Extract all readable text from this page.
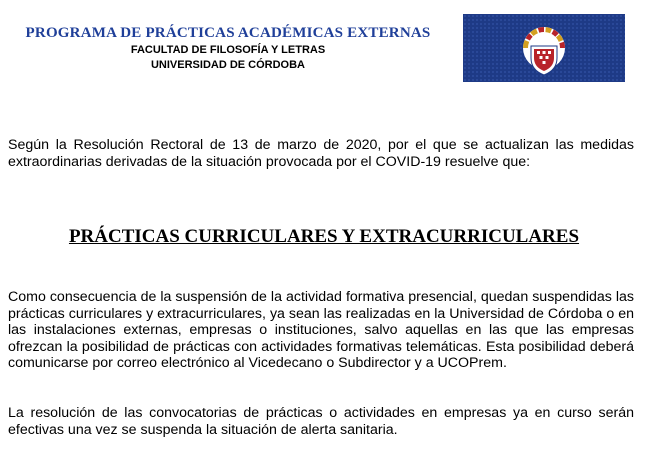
PROGRAMA DE PRÁCTICAS ACADÉMICAS EXTERNAS
FACULTAD DE FILOSOFÍA Y LETRAS
UNIVERSIDAD DE CÓRDOBA

Según la Resolución Rectoral de 13 de marzo de 2020, por el que se actualizan las medidas extraordinarias derivadas de la situación provocada por el COVID-19 resuelve que:

PRÁCTICAS CURRICULARES Y EXTRACURRICULARES

Como consecuencia de la suspensión de la actividad formativa presencial, quedan suspendidas las prácticas curriculares y extracurriculares, ya sean las realizadas en la Universidad de Córdoba o en las instalaciones externas, empresas o instituciones, salvo aquellas en las que las empresas ofrezcan la posibilidad de prácticas con actividades formativas telemáticas. Esta posibilidad deberá comunicarse por correo electrónico al Vicedecano o Subdirector y a UCOPrem.

La resolución de las convocatorias de prácticas o actividades en empresas ya en curso serán efectivas una vez se suspenda la situación de alerta sanitaria.
